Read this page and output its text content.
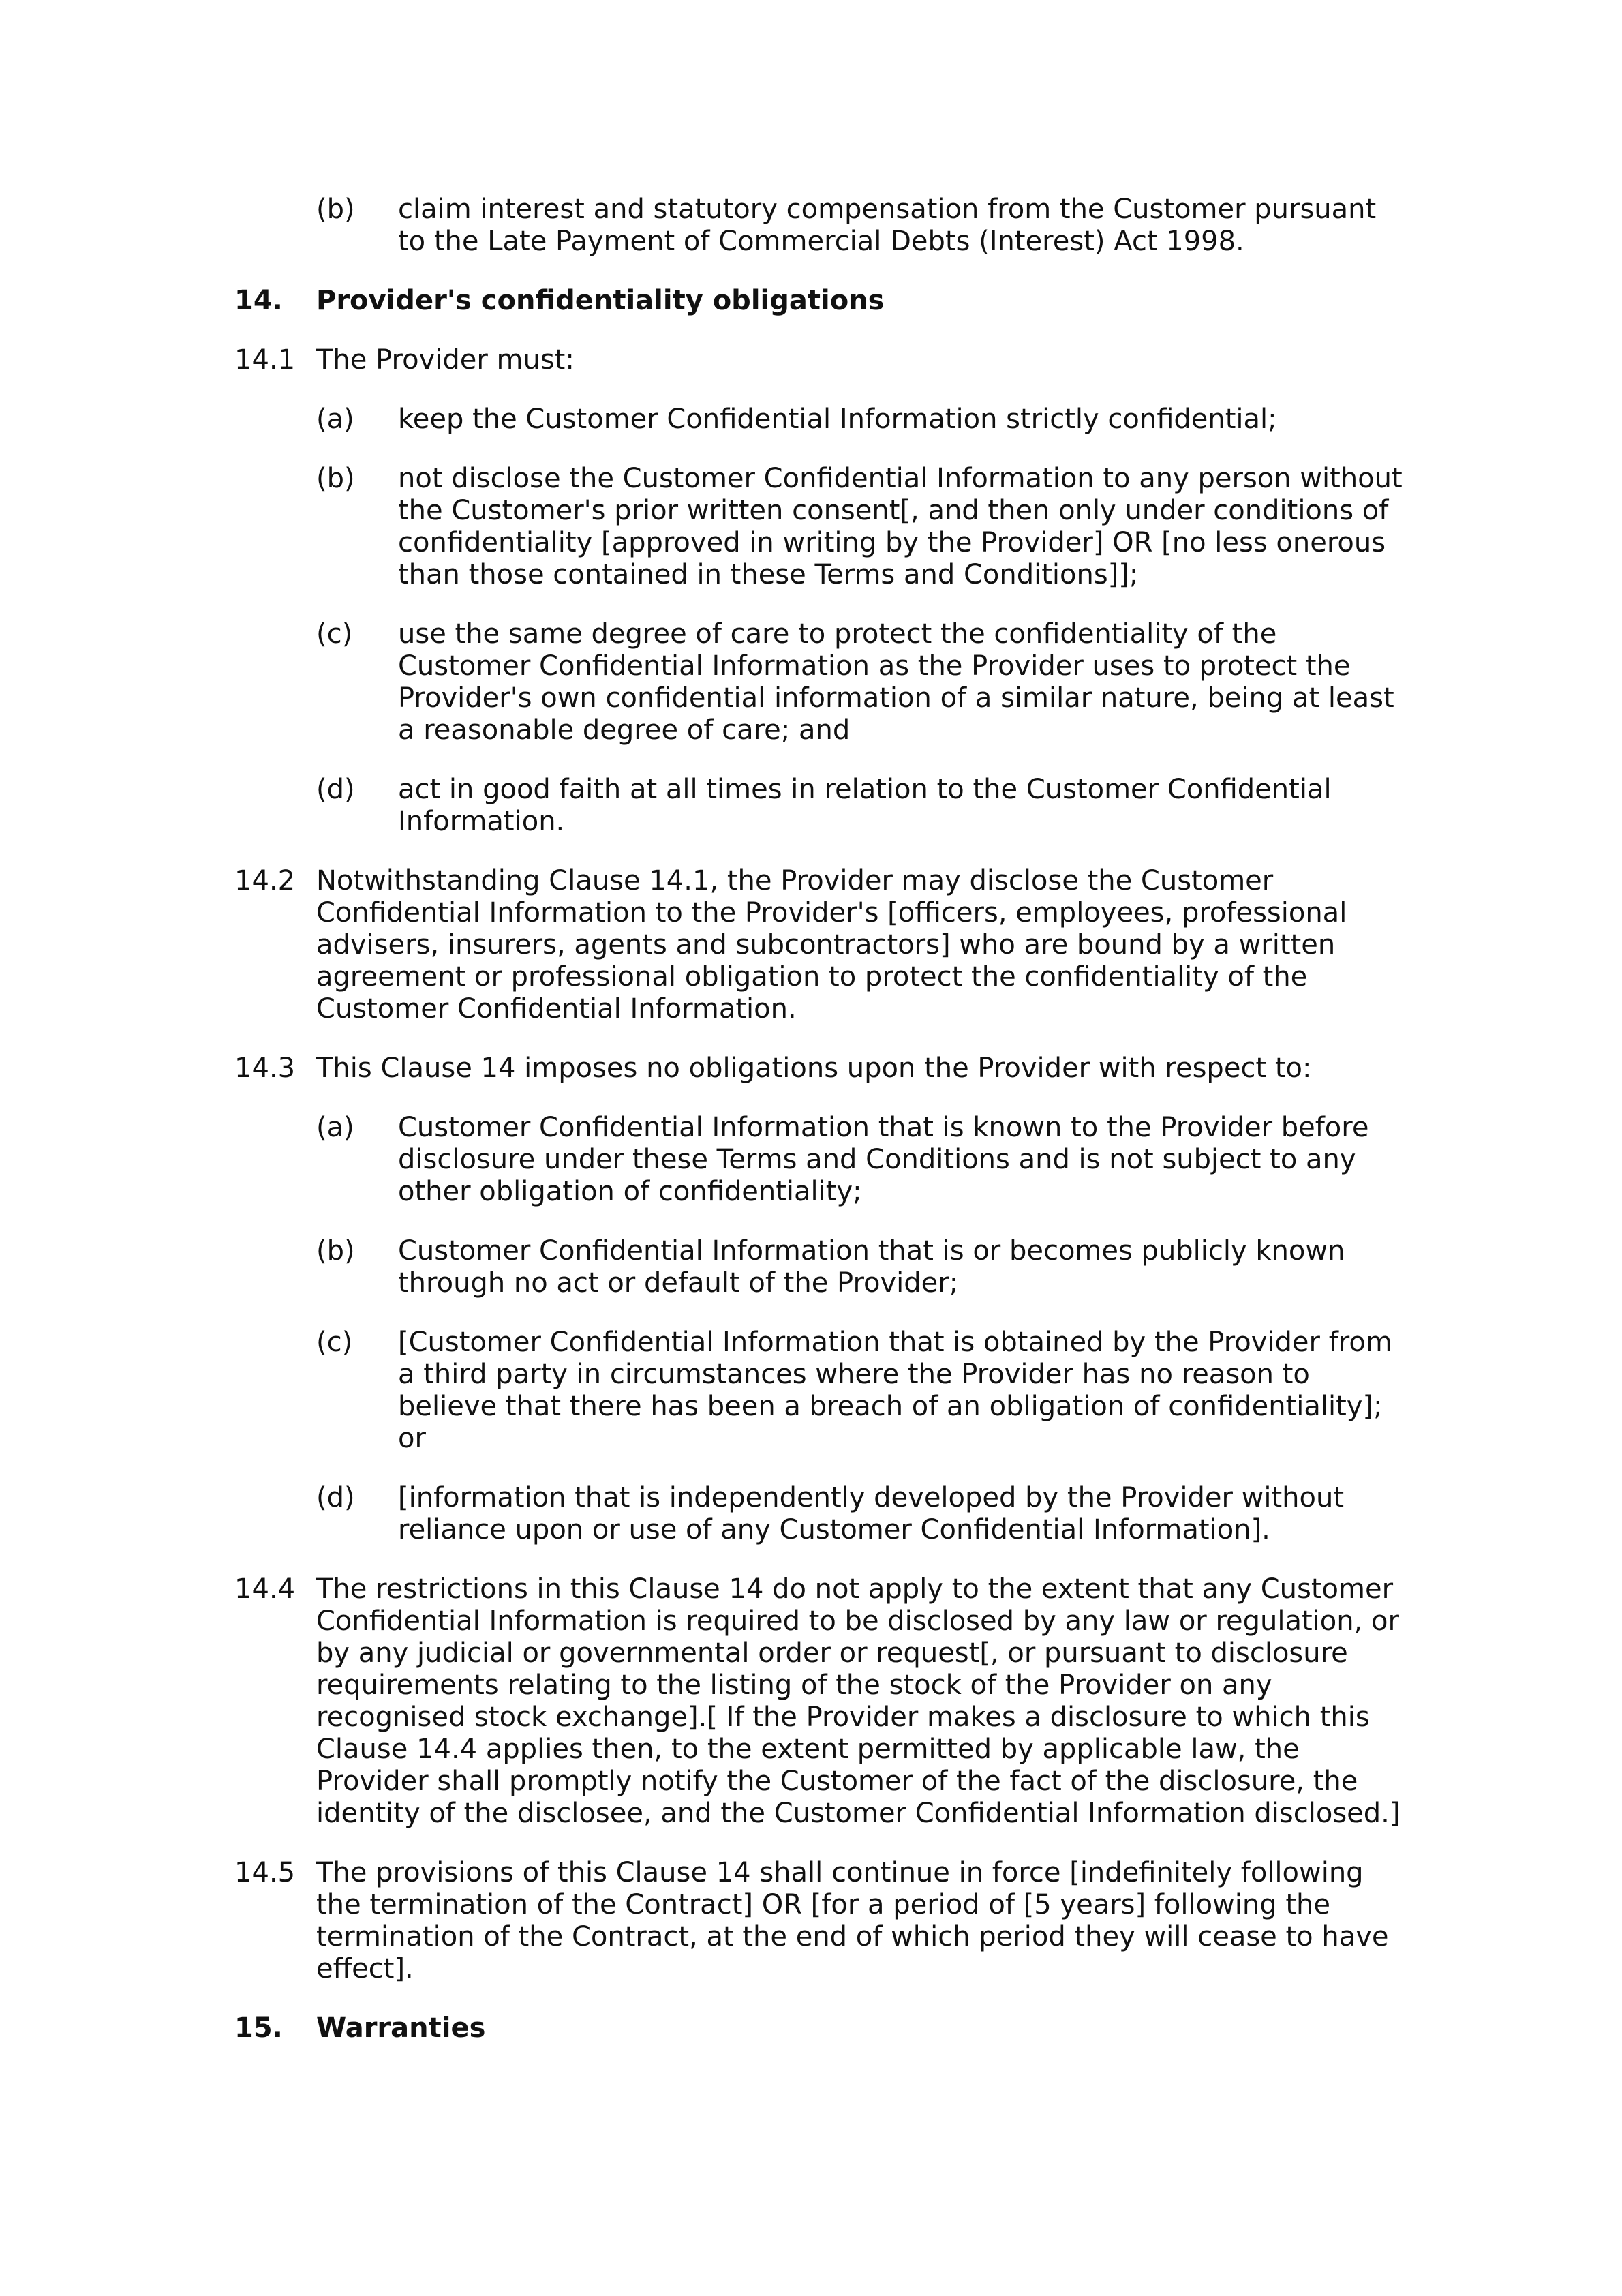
(b) claim interest and statutory compensation from the Customer pursuant to the Late Payment of Commercial Debts (Interest) Act 1998.
14. Provider's confidentiality obligations
14.1 The Provider must:
(a) keep the Customer Confidential Information strictly confidential;
(b) not disclose the Customer Confidential Information to any person without the Customer's prior written consent[, and then only under conditions of confidentiality [approved in writing by the Provider] OR [no less onerous than those contained in these Terms and Conditions]];
(c) use the same degree of care to protect the confidentiality of the Customer Confidential Information as the Provider uses to protect the Provider's own confidential information of a similar nature, being at least a reasonable degree of care; and
(d) act in good faith at all times in relation to the Customer Confidential Information.
14.2 Notwithstanding Clause 14.1, the Provider may disclose the Customer Confidential Information to the Provider's [officers, employees, professional advisers, insurers, agents and subcontractors] who are bound by a written agreement or professional obligation to protect the confidentiality of the Customer Confidential Information.
14.3 This Clause 14 imposes no obligations upon the Provider with respect to:
(a) Customer Confidential Information that is known to the Provider before disclosure under these Terms and Conditions and is not subject to any other obligation of confidentiality;
(b) Customer Confidential Information that is or becomes publicly known through no act or default of the Provider;
(c) [Customer Confidential Information that is obtained by the Provider from a third party in circumstances where the Provider has no reason to believe that there has been a breach of an obligation of confidentiality]; or
(d) [information that is independently developed by the Provider without reliance upon or use of any Customer Confidential Information].
14.4 The restrictions in this Clause 14 do not apply to the extent that any Customer Confidential Information is required to be disclosed by any law or regulation, or by any judicial or governmental order or request[, or pursuant to disclosure requirements relating to the listing of the stock of the Provider on any recognised stock exchange].[ If the Provider makes a disclosure to which this Clause 14.4 applies then, to the extent permitted by applicable law, the Provider shall promptly notify the Customer of the fact of the disclosure, the identity of the disclosee, and the Customer Confidential Information disclosed.]
14.5 The provisions of this Clause 14 shall continue in force [indefinitely following the termination of the Contract] OR [for a period of [5 years] following the termination of the Contract, at the end of which period they will cease to have effect].
15. Warranties
